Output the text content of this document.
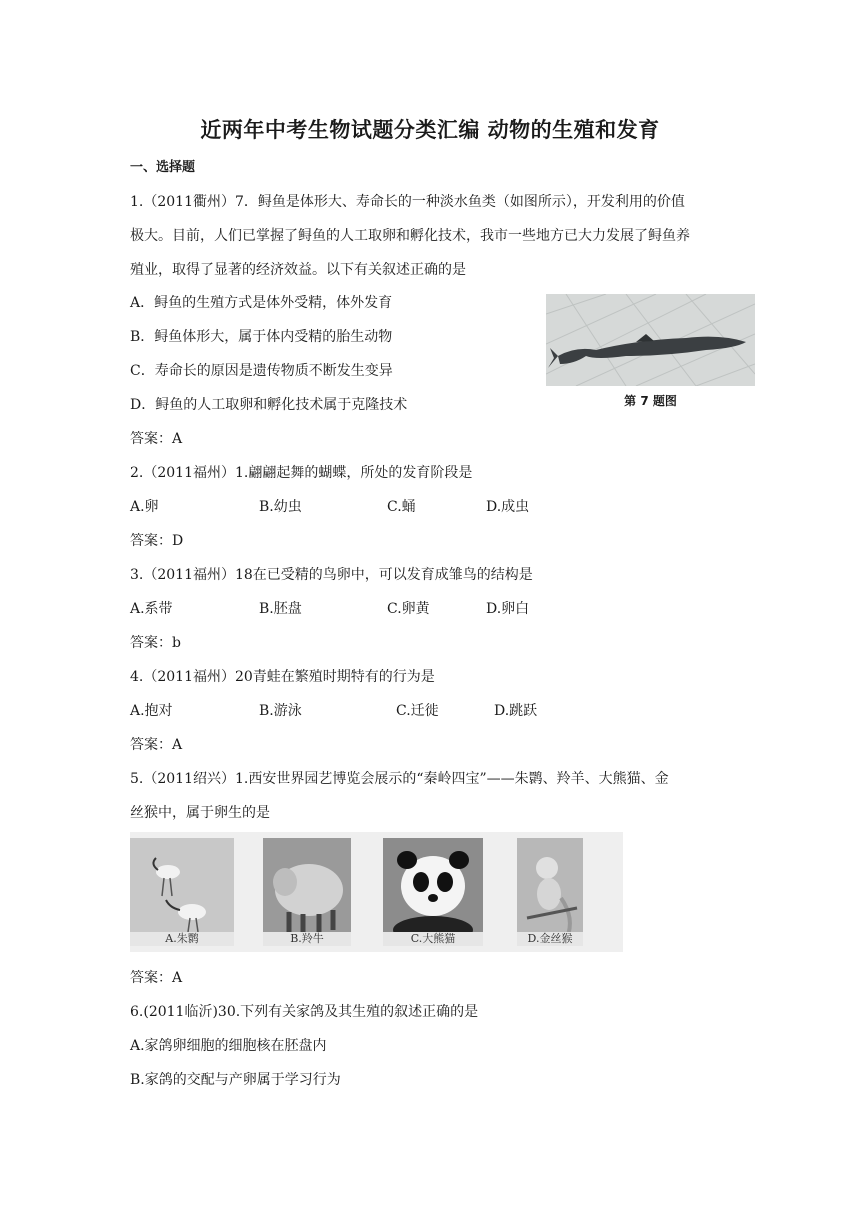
近两年中考生物试题分类汇编 动物的生殖和发育
一、选择题
1.（2011衢州）7．鲟鱼是体形大、寿命长的一种淡水鱼类（如图所示），开发利用的价值
极大。目前，人们已掌握了鲟鱼的人工取卵和孵化技术，我市一些地方已大力发展了鲟鱼养
殖业，取得了显著的经济效益。以下有关叙述正确的是
A．鲟鱼的生殖方式是体外受精，体外发育
B．鲟鱼体形大，属于体内受精的胎生动物
C．寿命长的原因是遗传物质不断发生变异
D．鲟鱼的人工取卵和孵化技术属于克隆技术	第 7 题图
答案：A
2.（2011福州）1.翩翩起舞的蝴蝶，所处的发育阶段是
A.卵	B.幼虫	C.蛹	D.成虫
答案：D
3.（2011福州）18在已受精的鸟卵中，可以发育成雏鸟的结构是
A.系带	B.胚盘	C.卵黄	D.卵白
答案：b
4.（2011福州）20青蛙在繁殖时期特有的行为是
A.抱对	B.游泳	C.迁徙	D.跳跃
答案：A
5.（2011绍兴）1.西安世界园艺博览会展示的“秦岭四宝”——朱鹮、羚羊、大熊猫、金
丝猴中，属于卵生的是
A.朱鹮	B.羚牛	C.大熊猫	D.金丝猴
答案：A
6.(2011临沂)30.下列有关家鸽及其生殖的叙述正确的是
A.家鸽卵细胞的细胞核在胚盘内
B.家鸽的交配与产卵属于学习行为
